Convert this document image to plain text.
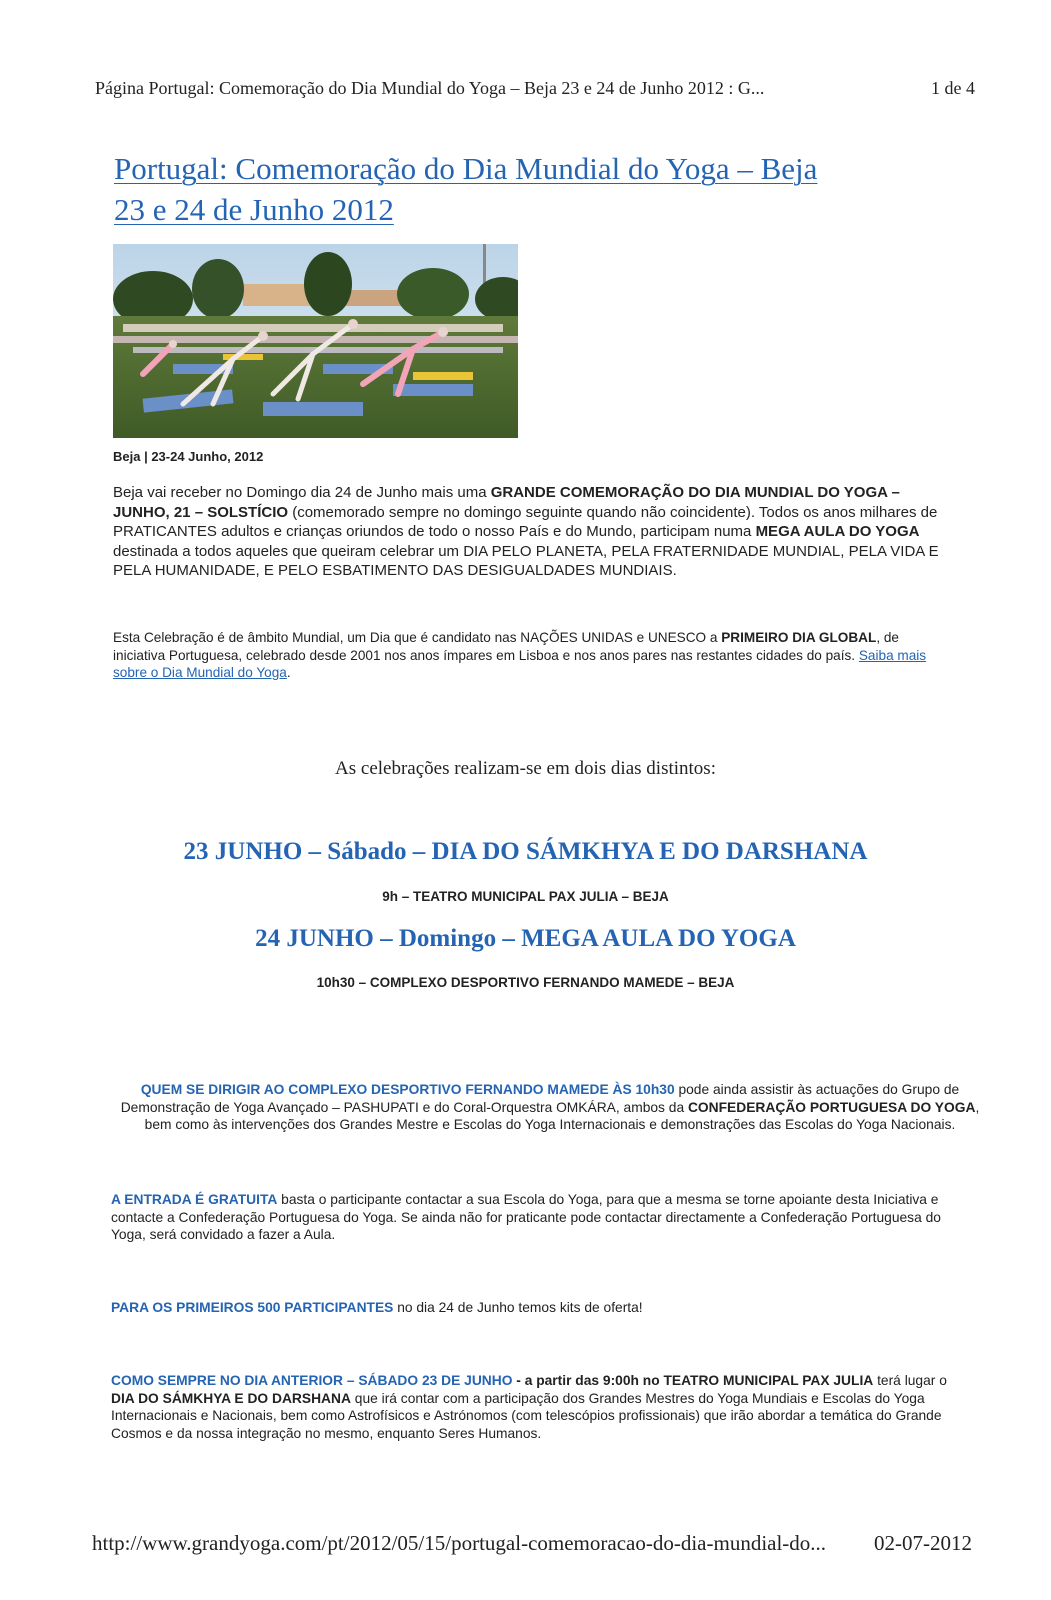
Página Portugal: Comemoração do Dia Mundial do Yoga – Beja 23 e 24 de Junho 2012 : G...	1 de 4
Portugal: Comemoração do Dia Mundial do Yoga – Beja
23 e 24 de Junho 2012
Beja | 23-24 Junho, 2012
Beja vai receber no Domingo dia 24 de Junho mais uma GRANDE COMEMORAÇÃO DO DIA MUNDIAL DO YOGA – JUNHO, 21 – SOLSTÍCIO (comemorado sempre no domingo seguinte quando não coincidente). Todos os anos milhares de PRATICANTES adultos e crianças oriundos de todo o nosso País e do Mundo, participam numa MEGA AULA DO YOGA destinada a todos aqueles que queiram celebrar um DIA PELO PLANETA, PELA FRATERNIDADE MUNDIAL, PELA VIDA E PELA HUMANIDADE, E PELO ESBATIMENTO DAS DESIGUALDADES MUNDIAIS.
Esta Celebração é de âmbito Mundial, um Dia que é candidato nas NAÇÕES UNIDAS e UNESCO a PRIMEIRO DIA GLOBAL, de iniciativa Portuguesa, celebrado desde 2001 nos anos ímpares em Lisboa e nos anos pares nas restantes cidades do país. Saiba mais sobre o Dia Mundial do Yoga.
As celebrações realizam-se em dois dias distintos:
23 JUNHO – Sábado – DIA DO SÁMKHYA E DO DARSHANA
9h – TEATRO MUNICIPAL PAX JULIA – BEJA
24 JUNHO – Domingo – MEGA AULA DO YOGA
10h30 – COMPLEXO DESPORTIVO FERNANDO MAMEDE – BEJA
QUEM SE DIRIGIR AO COMPLEXO DESPORTIVO FERNANDO MAMEDE ÀS 10h30 pode ainda assistir às actuações do Grupo de Demonstração de Yoga Avançado – PASHUPATI e do Coral-Orquestra OMKÁRA, ambos da CONFEDERAÇÃO PORTUGUESA DO YOGA, bem como às intervenções dos Grandes Mestre e Escolas do Yoga Internacionais e demonstrações das Escolas do Yoga Nacionais.
A ENTRADA É GRATUITA basta o participante contactar a sua Escola do Yoga, para que a mesma se torne apoiante desta Iniciativa e contacte a Confederação Portuguesa do Yoga. Se ainda não for praticante pode contactar directamente a Confederação Portuguesa do Yoga, será convidado a fazer a Aula.
PARA OS PRIMEIROS 500 PARTICIPANTES no dia 24 de Junho temos kits de oferta!
COMO SEMPRE NO DIA ANTERIOR – SÁBADO 23 DE JUNHO - a partir das 9:00h no TEATRO MUNICIPAL PAX JULIA terá lugar o DIA DO SÁMKHYA E DO DARSHANA que irá contar com a participação dos Grandes Mestres do Yoga Mundiais e Escolas do Yoga Internacionais e Nacionais, bem como Astrofísicos e Astrónomos (com telescópios profissionais) que irão abordar a temática do Grande Cosmos e da nossa integração no mesmo, enquanto Seres Humanos.
http://www.grandyoga.com/pt/2012/05/15/portugal-comemoracao-do-dia-mundial-do... 02-07-2012
